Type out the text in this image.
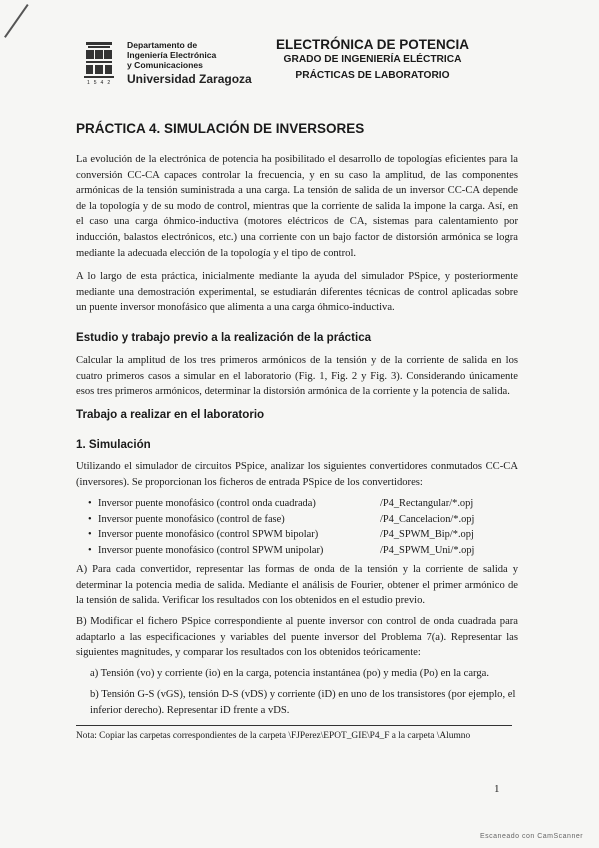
1542
Departamento de
Ingeniería Electrónica
y Comunicaciones
Universidad Zaragoza
ELECTRÓNICA DE POTENCIA
GRADO DE INGENIERÍA ELÉCTRICA
PRÁCTICAS DE LABORATORIO
PRÁCTICA 4. SIMULACIÓN DE INVERSORES

La evolución de la electrónica de potencia ha posibilitado el desarrollo de topologías eficientes para la conversión CC-CA capaces controlar la frecuencia, y en su caso la amplitud, de las componentes armónicas de la tensión suministrada a una carga. La tensión de salida de un inversor CC-CA depende de la topología y de su modo de control, mientras que la corriente de salida la impone la carga. Así, en el caso una carga óhmico-inductiva (motores eléctricos de CA, sistemas para calentamiento por inducción, balastos electrónicos, etc.) una corriente con un bajo factor de distorsión armónica se logra mediante la adecuada elección de la topología y el tipo de control.

A lo largo de esta práctica, inicialmente mediante la ayuda del simulador PSpice, y posteriormente mediante una demostración experimental, se estudiarán diferentes técnicas de control aplicadas sobre un puente inversor monofásico que alimenta a una carga óhmico-inductiva.

Estudio y trabajo previo a la realización de la práctica

Calcular la amplitud de los tres primeros armónicos de la tensión y de la corriente de salida en los cuatro primeros casos a simular en el laboratorio (Fig. 1, Fig. 2 y Fig. 3). Considerando únicamente esos tres primeros armónicos, determinar la distorsión armónica de la corriente y la potencia de salida.

Trabajo a realizar en el laboratorio
1. Simulación

Utilizando el simulador de circuitos PSpice, analizar los siguientes convertidores conmutados CC-CA (inversores). Se proporcionan los ficheros de entrada PSpice de los convertidores:

• Inversor puente monofásico (control onda cuadrada)	/P4_Rectangular/*.opj
• Inversor puente monofásico (control de fase)	/P4_Cancelacion/*.opj
• Inversor puente monofásico (control SPWM bipolar)	/P4_SPWM_Bip/*.opj
• Inversor puente monofásico (control SPWM unipolar)	/P4_SPWM_Uni/*.opj

A) Para cada convertidor, representar las formas de onda de la tensión y la corriente de salida y determinar la potencia media de salida. Mediante el análisis de Fourier, obtener el primer armónico de la tensión de salida. Verificar los resultados con los obtenidos en el estudio previo.

B) Modificar el fichero PSpice correspondiente al puente inversor con control de onda cuadrada para adaptarlo a las especificaciones y variables del puente inversor del Problema 7(a). Representar las siguientes magnitudes, y comparar los resultados con los obtenidos teóricamente:

a) Tensión (vo) y corriente (io) en la carga, potencia instantánea (po) y media (Po) en la carga.

b) Tensión G-S (vGS), tensión D-S (vDS) y corriente (iD) en uno de los transistores (por ejemplo, el inferior derecho). Representar iD frente a vDS.

Nota: Copiar las carpetas correspondientes de la carpeta \FJPerez\EPOT_GIE\P4_F a la carpeta \Alumno
1
Escaneado con CamScanner
